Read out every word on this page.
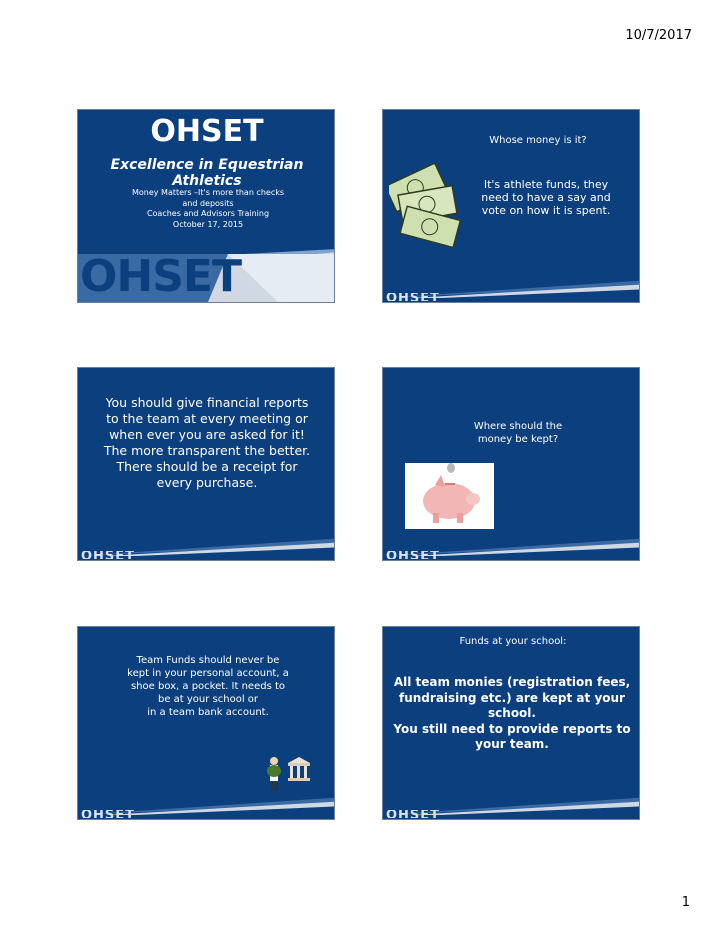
10/7/2017
OHSET
Excellence in Equestrian Athletics
Money Matters –It's more than checks
and deposits
Coaches and Advisors Training
October 17, 2015
OHSET
Whose money is it?
It's athlete funds, they
need to have a say and
vote on how it is spent.
OHSET
You should give financial reports
to the team at every meeting or
when ever you are asked for it!
The more transparent the better.
There should be a receipt for
every purchase.
OHSET
Where should the
money be kept?
OHSET
Team Funds should never be
kept in your personal account, a
shoe box, a pocket. It needs to
be at your school or
in a team bank account.
OHSET
Funds at your school:
All team monies (registration fees,
fundraising etc.) are kept at your
school.
You still need to provide reports to
your team.
OHSET
1
